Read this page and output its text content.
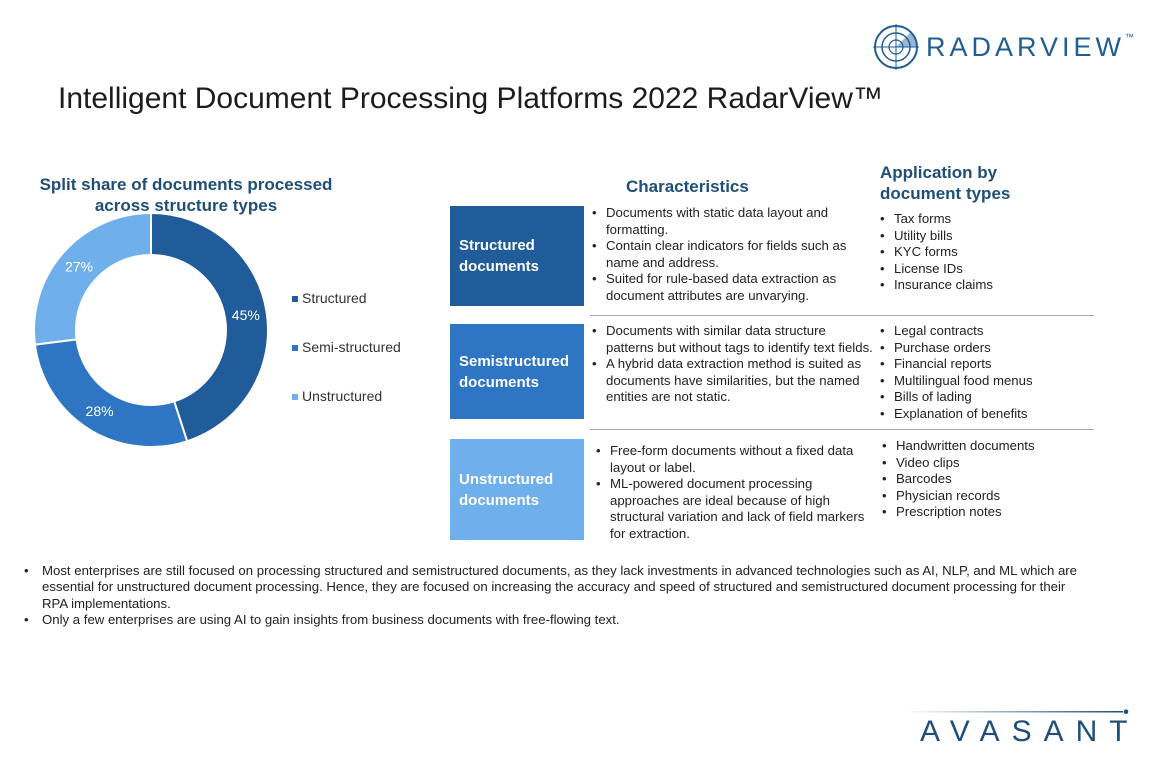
RADARVIEW™
Intelligent Document Processing Platforms 2022 RadarView™
Split share of documents processed across structure types
45%
28%
27%
Structured
Semi-structured
Unstructured
Characteristics
Application by document types
Structured documents
• Documents with static data layout and formatting.
• Contain clear indicators for fields such as name and address.
• Suited for rule-based data extraction as document attributes are unvarying.
• Tax forms
• Utility bills
• KYC forms
• License IDs
• Insurance claims
Semistructured documents
• Documents with similar data structure patterns but without tags to identify text fields.
• A hybrid data extraction method is suited as documents have similarities, but the named entities are not static.
• Legal contracts
• Purchase orders
• Financial reports
• Multilingual food menus
• Bills of lading
• Explanation of benefits
Unstructured documents
• Free-form documents without a fixed data layout or label.
• ML-powered document processing approaches are ideal because of high structural variation and lack of field markers for extraction.
• Handwritten documents
• Video clips
• Barcodes
• Physician records
• Prescription notes
• Most enterprises are still focused on processing structured and semistructured documents, as they lack investments in advanced technologies such as AI, NLP, and ML which are essential for unstructured document processing. Hence, they are focused on increasing the accuracy and speed of structured and semistructured document processing for their RPA implementations.
• Only a few enterprises are using AI to gain insights from business documents with free-flowing text.
AVASANT
